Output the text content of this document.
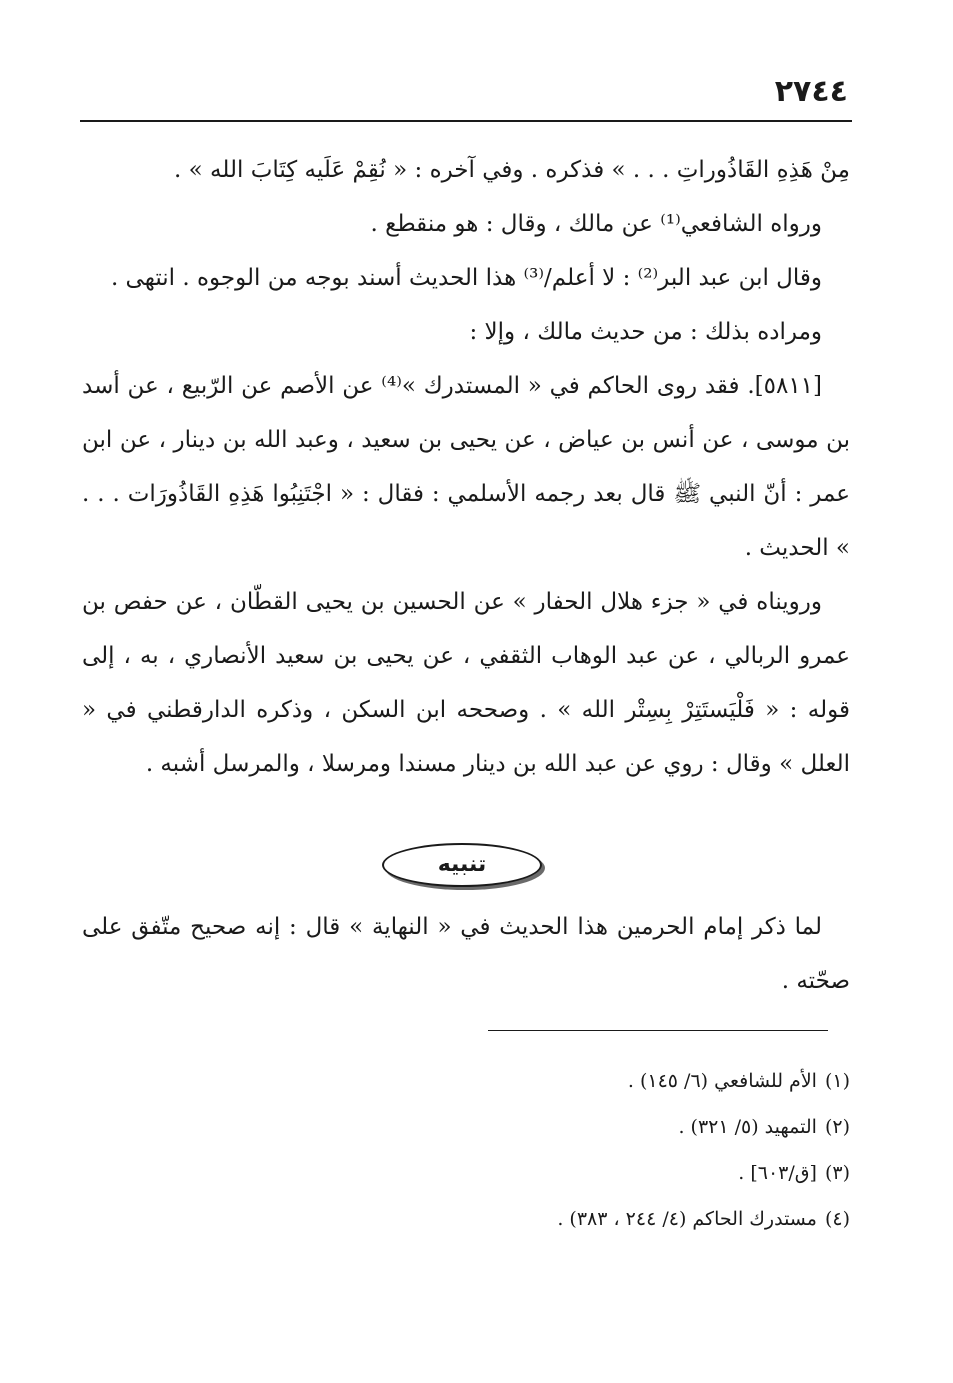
٢٧٤٤

مِنْ هَذِهِ القَاذُوراتِ . . . » فذكره . وفي آخره : « نُقِمْ عَلَيه كِتَابَ الله » .

ورواه الشافعي⁽¹⁾ عن مالك ، وقال : هو منقطع .

وقال ابن عبد البر⁽²⁾ : لا أعلم/⁽³⁾ هذا الحديث أسند بوجه من الوجوه . انتهى .

ومراده بذلك : من حديث مالك ، وإلا :

[٥٨١١]. فقد روى الحاكم في « المستدرك »⁽⁴⁾ عن الأصم عن الرّبيع ، عن أسد بن موسى ، عن أنس بن عياض ، عن يحيى بن سعيد ، وعبد الله بن دينار ، عن ابن عمر : أنّ النبي ﷺ قال بعد رجمه الأسلمي : فقال : « اجْتَنِبُوا هَذِهِ القَاذُورَات . . . » الحديث .

ورويناه في « جزء هلال الحفار » عن الحسين بن يحيى القطّان ، عن حفص بن عمرو الربالي ، عن عبد الوهاب الثقفي ، عن يحيى بن سعيد الأنصاري ، به ، إلى قوله : « فَلْيَستَتِرْ بِسِتْر الله » . وصححه ابن السكن ، وذكره الدارقطني في « العلل » وقال : روي عن عبد الله بن دينار مسندا ومرسلا ، والمرسل أشبه .

تنبيه

لما ذكر إمام الحرمين هذا الحديث في « النهاية » قال : إنه صحيح متّفق على صحّته .

(١)الأم للشافعي (٦/ ١٤٥) .

(٢)التمهيد (٥/ ٣٢١) .

(٣)[ق/٦٠٣] .

(٤)مستدرك الحاكم (٤/ ٢٤٤ ، ٣٨٣) .
